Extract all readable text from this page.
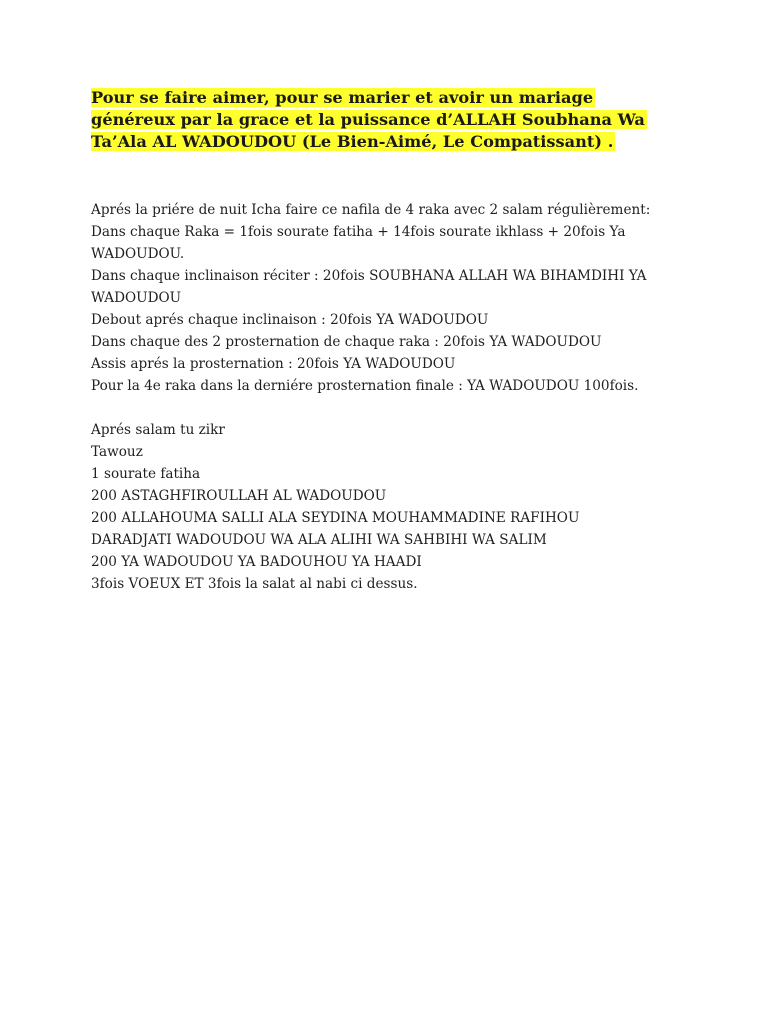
Pour se faire aimer, pour se marier et avoir un mariage
généreux par la grace et la puissance d’ALLAH Soubhana Wa
Ta’Ala AL WADOUDOU (Le Bien-Aimé, Le Compatissant) .
Aprés la priére de nuit Icha faire ce nafila de 4 raka avec 2 salam régulièrement:
Dans chaque Raka = 1fois sourate fatiha + 14fois sourate ikhlass + 20fois Ya
WADOUDOU.
Dans chaque inclinaison réciter : 20fois SOUBHANA ALLAH WA BIHAMDIHI YA
WADOUDOU
Debout aprés chaque inclinaison : 20fois YA WADOUDOU
Dans chaque des 2 prosternation de chaque raka : 20fois YA WADOUDOU
Assis aprés la prosternation : 20fois YA WADOUDOU
Pour la 4e raka dans la derniére prosternation finale : YA WADOUDOU 100fois.
Aprés salam tu zikr
Tawouz
1 sourate fatiha
200 ASTAGHFIROULLAH AL WADOUDOU
200 ALLAHOUMA SALLI ALA SEYDINA MOUHAMMADINE RAFIHOU
DARADJATI WADOUDOU WA ALA ALIHI WA SAHBIHI WA SALIM
200 YA WADOUDOU YA BADOUHOU YA HAADI
3fois VOEUX ET 3fois la salat al nabi ci dessus.
